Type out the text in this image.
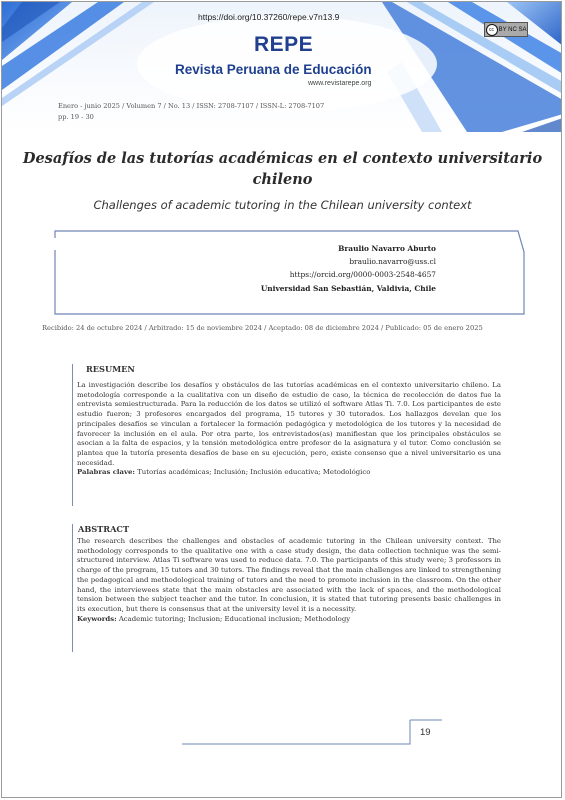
https://doi.org/10.37260/repe.v7n13.9
cc BY NC SA
REPE
Revista Peruana de Educación
www.revistarepe.org
Enero - junio 2025 / Volumen 7 / No. 13 / ISSN: 2708-7107 / ISSN-L: 2708-7107
pp. 19 - 30
Desafíos de las tutorías académicas en el contexto universitario
chileno
Challenges of academic tutoring in the Chilean university context
Braulio Navarro Aburto
braulio.navarro@uss.cl
https://orcid.org/0000-0003-2548-4657
Universidad San Sebastián, Valdivia, Chile
Recibido: 24 de octubre 2024 / Arbitrado: 15 de noviembre 2024 / Aceptado: 08 de diciembre 2024 / Publicado: 05 de enero 2025
RESUMEN

La investigación describe los desafíos y obstáculos de las tutorías académicas en el contexto universitario chileno. La metodología corresponde a la cualitativa con un diseño de estudio de caso, la técnica de recolección de datos fue la entrevista semiestructurada. Para la reducción de los datos se utilizó el software Atlas Ti. 7.0. Los participantes de este estudio fueron; 3 profesores encargados del programa, 15 tutores y 30 tutorados. Los hallazgos develan que los principales desafíos se vinculan a fortalecer la formación pedagógica y metodológica de los tutores y la necesidad de favorecer la inclusión en el aula. Por otra parte, los entrevistados(as) manifiestan que los principales obstáculos se asocian a la falta de espacios, y la tensión metodológica entre profesor de la asignatura y el tutor. Como conclusión se plantea que la tutoría presenta desafíos de base en su ejecución, pero, existe consenso que a nivel universitario es una necesidad.

Palabras clave: Tutorías académicas; Inclusión; Inclusión educativa; Metodológico

ABSTRACT

The research describes the challenges and obstacles of academic tutoring in the Chilean university context. The methodology corresponds to the qualitative one with a case study design, the data collection technique was the semi-structured interview. Atlas Ti software was used to reduce data. 7.0. The participants of this study were; 3 professors in charge of the program, 15 tutors and 30 tutors. The findings reveal that the main challenges are linked to strengthening the pedagogical and methodological training of tutors and the need to promote inclusion in the classroom. On the other hand, the interviewees state that the main obstacles are associated with the lack of spaces, and the methodological tension between the subject teacher and the tutor. In conclusion, it is stated that tutoring presents basic challenges in its execution, but there is consensus that at the university level it is a necessity.

Keywords: Academic tutoring; Inclusion; Educational inclusion; Methodology

19
